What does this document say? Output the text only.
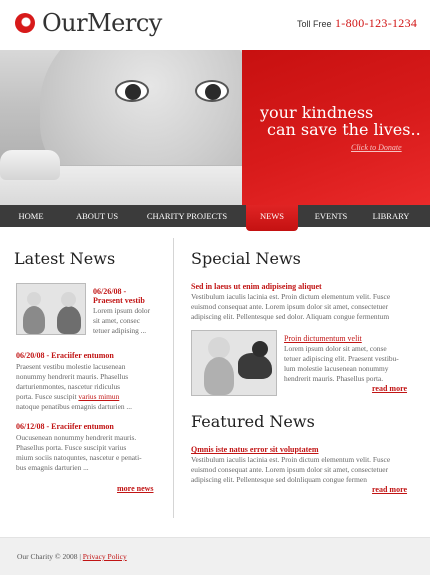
OurMercy	Toll Free 1-800-123-1234
your kindness
can save the lives..
Click to Donate
HOME	ABOUT US	CHARITY PROJECTS	NEWS	EVENTS	LIBRARY
Latest News
06/26/08 -
Praesent vestib
Lorem ipsum dolor
sit amet, consec
tetuer adipising ...
06/20/08 - Eraciifer entumon
Praesent vestibu molestie lacusenean
nonummy hendrerit mauris. Phasellus
darturienmontes, nascetur ridiculus
porta. Fusce suscipit varius mimun
natoque penatibus emagnis darturien ...
06/12/08 - Eraciifer entumon
Oucusenean nonummy hendrerit mauris.
Phasellus porta. Fusce suscipit varius
mium sociis natoquntes, nascetur e penati-
bus emagnis darturien ...
more news
Special News
Sed in laeus ut enim adipiseing aliquet
Vestibulum iaculis lacinia est. Proin dictum elementum velit. Fusce
euismod consequat ante. Lorem ipsum dolor sit amet, consectetuer
adipiscing elit. Pellentesque sed dolor. Aliquam congue fermentum
Proin dictumentum velit
Lorem ipsum dolor sit amet, conse
tetuer adipiscing elit. Praesent vestibu-
lum molestie lacusenean nonummy
hendrerit mauris. Phasellus porta.
read more
Featured News
Qmnis iste natus error sit voluptatem
Vestibulum iaculis lacinia est. Proin dictum elementum velit. Fusce
euismod consequat ante. Lorem ipsum dolor sit amet, consectetuer
adipiscing elit. Pellentesque sed dolnliquam congue fermen
read more
Our Charity © 2008 | Privacy Policy
